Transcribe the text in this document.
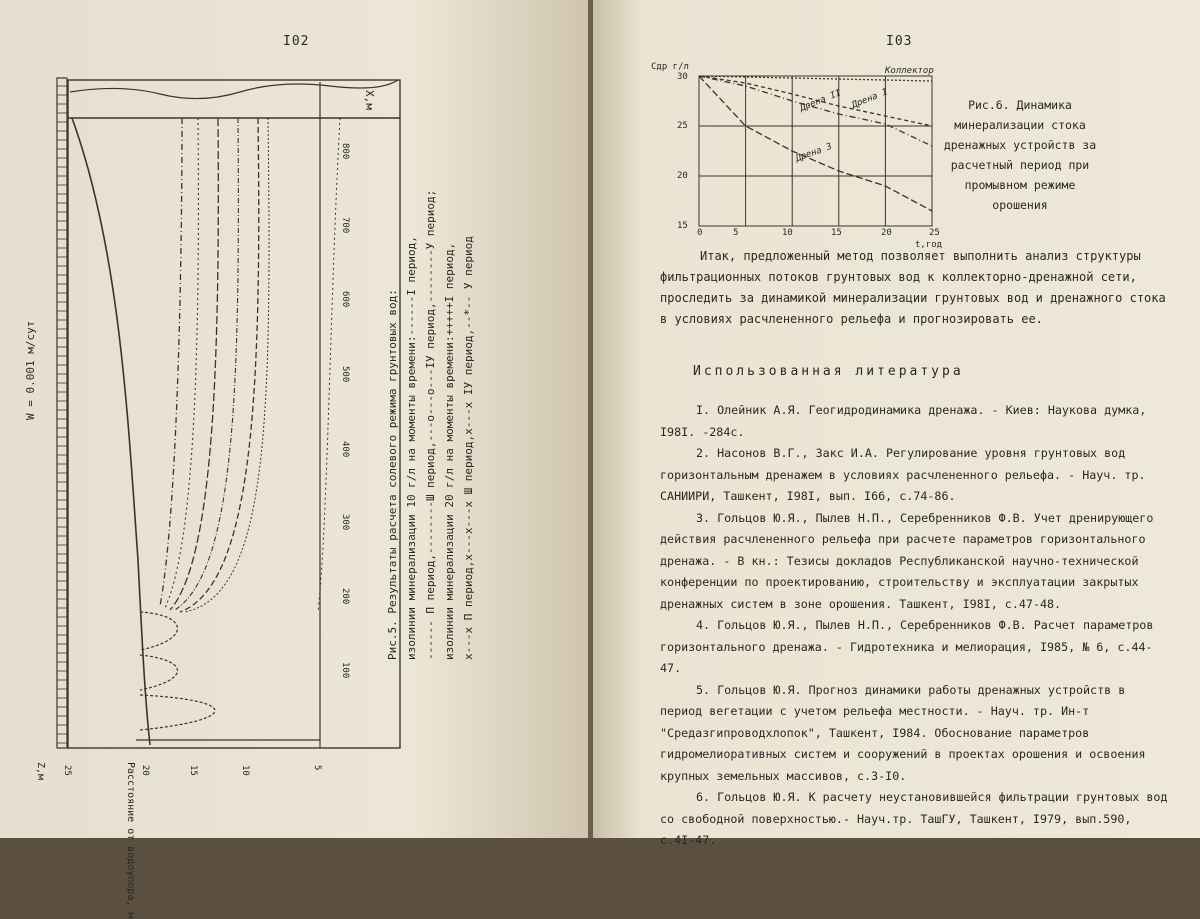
I02
W = 0.001 м/сут
X,м
800
700
600
500
400
300
200
100
Z,м 25	20	15	10	5
Расстояние от водоупора, м
Рис.5. Результаты расчета солевого режима грунтовых вод: изолинии минерализации 10 г/л на моменты времени:------I период, ------ П период,--------Ш период,---o---o---IУ период,--------У период; изолинии минерализации 20 г/л на моменты времени:+++++I период, x---x П период,x---x---x Ш период,x---x IУ период,--*-- У период
I03
Сдр г/л
30
25
20
15
0	5	10	15	20	25
t,год
Коллектор
Дрена I
Дрена II
Дрена 3
Рис.6. Динамика минерализации стока дренажных устройств за расчетный период при промывном режиме орошения
Итак, предложенный метод позволяет выполнить анализ структуры фильтрационных потоков грунтовых вод к коллекторно-дренажной сети, проследить за динамикой минерализации грунтовых вод и дренажного стока в условиях расчлененного рельефа и прогнозировать ее.
Использованная литература

I. Олейник А.Я. Геогидродинамика дренажа. - Киев: Наукова думка, I98I. -284с.

2. Насонов В.Г., Закс И.А. Регулирование уровня грунтовых вод горизонтальным дренажем в условиях расчлененного рельефа. - Науч. тр. САНИИРИ, Ташкент, I98I, вып. I66, с.74-86.

3. Гольцов Ю.Я., Пылев Н.П., Серебренников Ф.В. Учет дренирующего действия расчлененного рельефа при расчете параметров горизонтального дренажа. - В кн.: Тезисы докладов Республиканской научно-технической конференции по проектированию, строительству и эксплуатации закрытых дренажных систем в зоне орошения. Ташкент, I98I, с.47-48.

4. Гольцов Ю.Я., Пылев Н.П., Серебренников Ф.В. Расчет параметров горизонтального дренажа. - Гидротехника и мелиорация, I985, № 6, с.44-47.

5. Гольцов Ю.Я. Прогноз динамики работы дренажных устройств в период вегетации с учетом рельефа местности. - Науч. тр. Ин-т "Средазгипроводхлопок", Ташкент, I984. Обоснование параметров гидромелиоративных систем и сооружений в проектах орошения и освоения крупных земельных массивов, с.3-I0.

6. Гольцов Ю.Я. К расчету неустановившейся фильтрации грунтовых вод со свободной поверхностью.- Науч.тр. ТашГУ, Ташкент, I979, вып.590, с.4I-47.
